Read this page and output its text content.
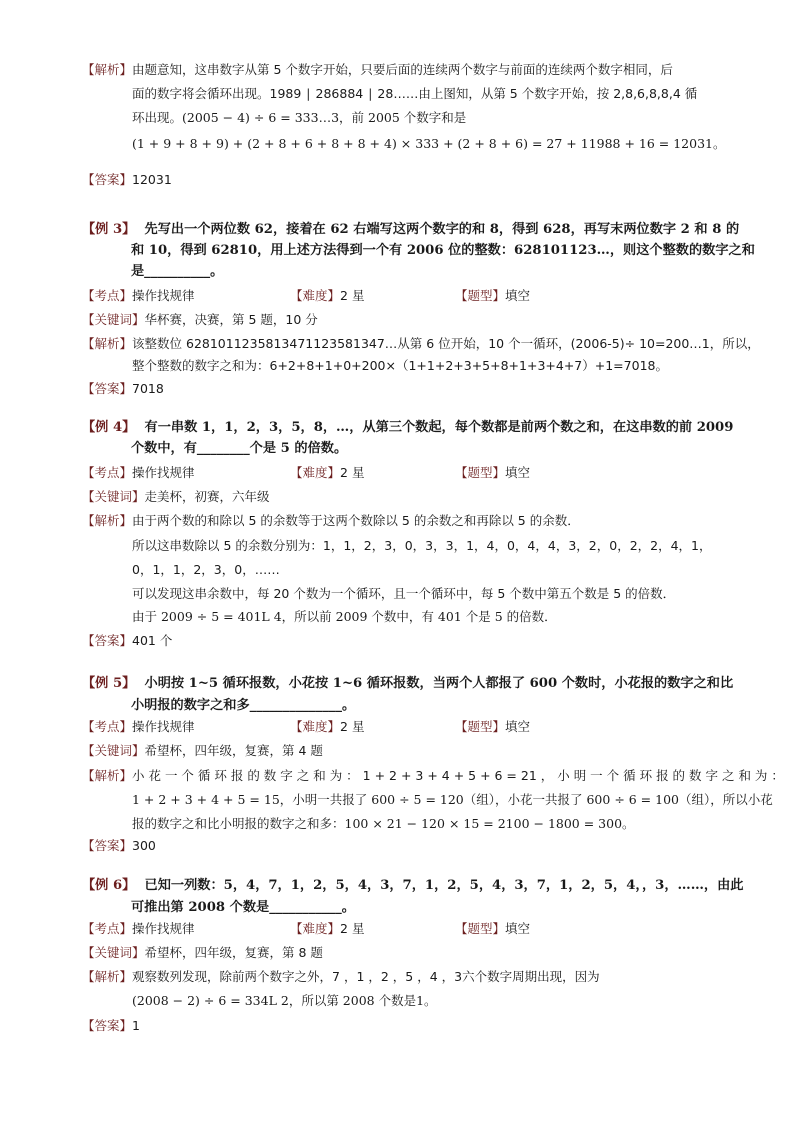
【解析】由题意知，这串数字从第 5 个数字开始，只要后面的连续两个数字与前面的连续两个数字相同，后
面的数字将会循环出现。1989 ∣ 286884 ∣ 28……由上图知，从第 5 个数字开始，按 2,8,6,8,8,4 循
环出现。(2005 − 4) ÷ 6 = 333…3，前 2005 个数字和是
(1 + 9 + 8 + 9) + (2 + 8 + 6 + 8 + 8 + 4) × 333 + (2 + 8 + 6) = 27 + 11988 + 16 = 12031。
【答案】12031
【例 3】 先写出一个两位数 62，接着在 62 右端写这两个数字的和 8，得到 628，再写末两位数字 2 和 8 的
和 10，得到 62810，用上述方法得到一个有 2006 位的整数：628101123…，则这个整数的数字之和
是__________。
【考点】操作找规律	【难度】2 星	【题型】填空
【关键词】华杯赛，决赛，第 5 题，10 分
【解析】该整数位 6281011235813471123581347…从第 6 位开始，10 个一循环，(2006-5)÷ 10=200…1，所以，
整个整数的数字之和为：6+2+8+1+0+200×（1+1+2+3+5+8+1+3+4+7）+1=7018。
【答案】7018
【例 4】 有一串数 1，1，2，3，5，8，…，从第三个数起，每个数都是前两个数之和，在这串数的前 2009
个数中，有________个是 5 的倍数。
【考点】操作找规律	【难度】2 星	【题型】填空
【关键词】走美杯，初赛，六年级
【解析】由于两个数的和除以 5 的余数等于这两个数除以 5 的余数之和再除以 5 的余数．
所以这串数除以 5 的余数分别为：1，1，2，3，0，3，3，1，4，0，4，4，3，2，0，2，2，4，1，
0，1，1，2，3，0，……
可以发现这串余数中，每 20 个数为一个循环，且一个循环中，每 5 个数中第五个数是 5 的倍数．
由于 2009 ÷ 5 = 401L 4，所以前 2009 个数中，有 401 个是 5 的倍数．
【答案】401 个
【例 5】 小明按 1~5 循环报数，小花按 1~6 循环报数，当两个人都报了 600 个数时，小花报的数字之和比
小明报的数字之和多______________。
【考点】操作找规律	【难度】2 星	【题型】填空
【关键词】希望杯，四年级，复赛，第 4 题
【解析】小 花 一 个 循 环 报 的 数 字 之 和 为 ： 1 + 2 + 3 + 4 + 5 + 6 = 21 ， 小 明 一 个 循 环 报 的 数 字 之 和 为 ：
1 + 2 + 3 + 4 + 5 = 15，小明一共报了 600 ÷ 5 = 120（组），小花一共报了 600 ÷ 6 = 100（组），所以小花
报的数字之和比小明报的数字之和多：100 × 21 − 120 × 15 = 2100 − 1800 = 300。
【答案】300
【例 6】 已知一列数：5，4，7，1，2，5，4，3，7，1，2，5，4，3，7，1，2，5，4，，3，……，由此
可推出第 2008 个数是___________。
【考点】操作找规律	【难度】2 星	【题型】填空
【关键词】希望杯，四年级，复赛，第 8 题
【解析】观察数列发现，除前两个数字之外，7 ，1 ，2 ，5 ，4 ，3六个数字周期出现，因为
(2008 − 2) ÷ 6 = 334L 2，所以第 2008 个数是1。
【答案】1
